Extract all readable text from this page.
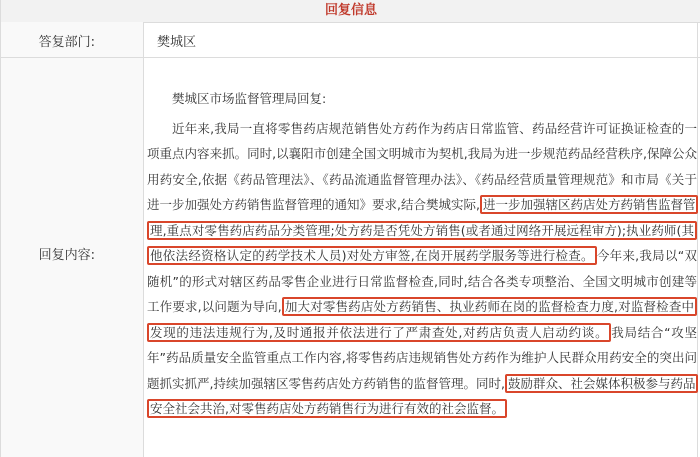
回复信息
答复部门:	樊城区
回复内容:

樊城区市场监督管理局回复:

近年来,我局一直将零售药店规范销售处方药作为药店日常监管、药品经营许可证换证检查的一项重点内容来抓。同时,以襄阳市创建全国文明城市为契机,我局为进一步规范药品经营秩序,保障公众用药安全,依据《药品管理法》、《药品流通监督管理办法》、《药品经营质量管理规范》和市局《关于进一步加强处方药销售监督管理的通知》要求,结合樊城实际, 进一步加强辖区药店处方药销售监督管理,重点对零售药店药品分类管理;处方药是否凭处方销售(或者通过网络开展远程审方);执业药师(其他依法经资格认定的药学技术人员)对处方审签,在岗开展药学服务等进行检查。 今年来,我局以“双随机”的形式对辖区药品零售企业进行日常监督检查,同时,结合各类专项整治、全国文明城市创建等工作要求,以问题为导向, 加大对零售药店处方药销售、执业药师在岗的监督检查力度,对监督检查中发现的违法违规行为,及时通报并依法进行了严肃查处,对药店负责人启动约谈。 我局结合“攻坚年”药品质量安全监管重点工作内容,将零售药店违规销售处方药作为维护人民群众用药安全的突出问题抓实抓严,持续加强辖区零售药店处方药销售的监督管理。同时, 鼓励群众、社会媒体积极参与药品安全社会共治,对零售药店处方药销售行为进行有效的社会监督。
